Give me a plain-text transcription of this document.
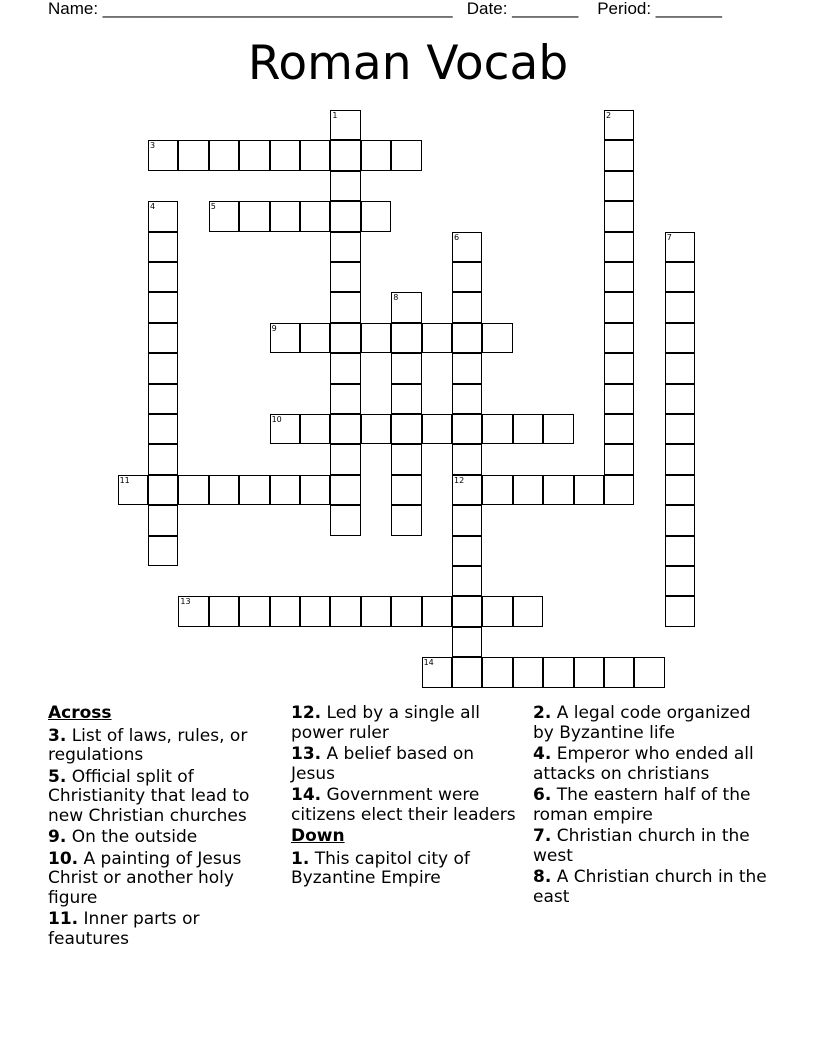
Name: _____________________________________   Date: _______    Period: _______
Roman Vocab
1	2
3
4	5
6
12
7
8
9
10
11
13
14
Across
3. List of laws, rules, or regulations
5. Official split of Christianity that lead to new Christian churches
9. On the outside
10. A painting of Jesus Christ or another holy figure
11. Inner parts or feautures
12. Led by a single all power ruler
13. A belief based on Jesus
14. Government were citizens elect their leaders
Down
1. This capitol city of Byzantine Empire
2. A legal code organized by Byzantine life
4. Emperor who ended all attacks on christians
6. The eastern half of the roman empire
7. Christian church in the west
8. A Christian church in the east
